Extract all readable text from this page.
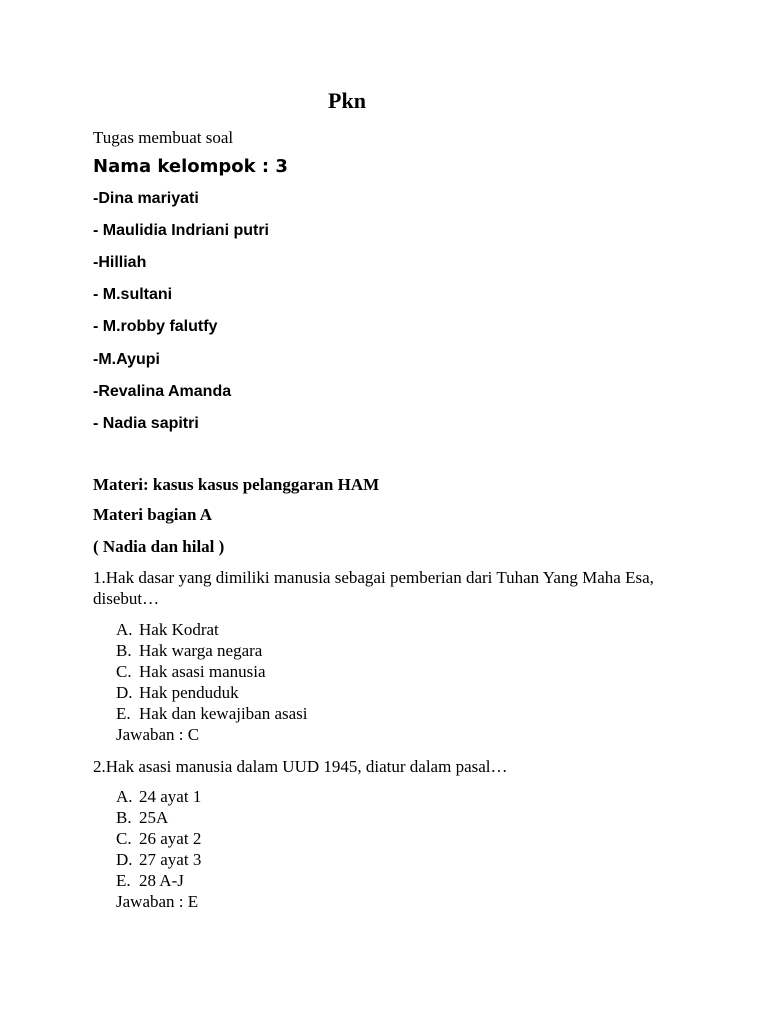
Pkn
Tugas membuat soal
Nama kelompok : 3
-Dina mariyati
- Maulidia Indriani putri
-Hilliah
- M.sultani
- M.robby falutfy
-M.Ayupi
-Revalina Amanda
- Nadia sapitri
Materi: kasus kasus pelanggaran HAM
Materi bagian A
( Nadia dan hilal )
1.Hak dasar yang dimiliki manusia sebagai pemberian dari Tuhan Yang Maha Esa, disebut…
A. Hak Kodrat
B. Hak warga negara
C. Hak asasi manusia
D. Hak penduduk
E. Hak dan kewajiban asasi
Jawaban : C
2.Hak asasi manusia dalam UUD 1945, diatur dalam pasal…
A. 24 ayat 1
B. 25A
C. 26 ayat 2
D. 27 ayat 3
E. 28 A-J
Jawaban : E
